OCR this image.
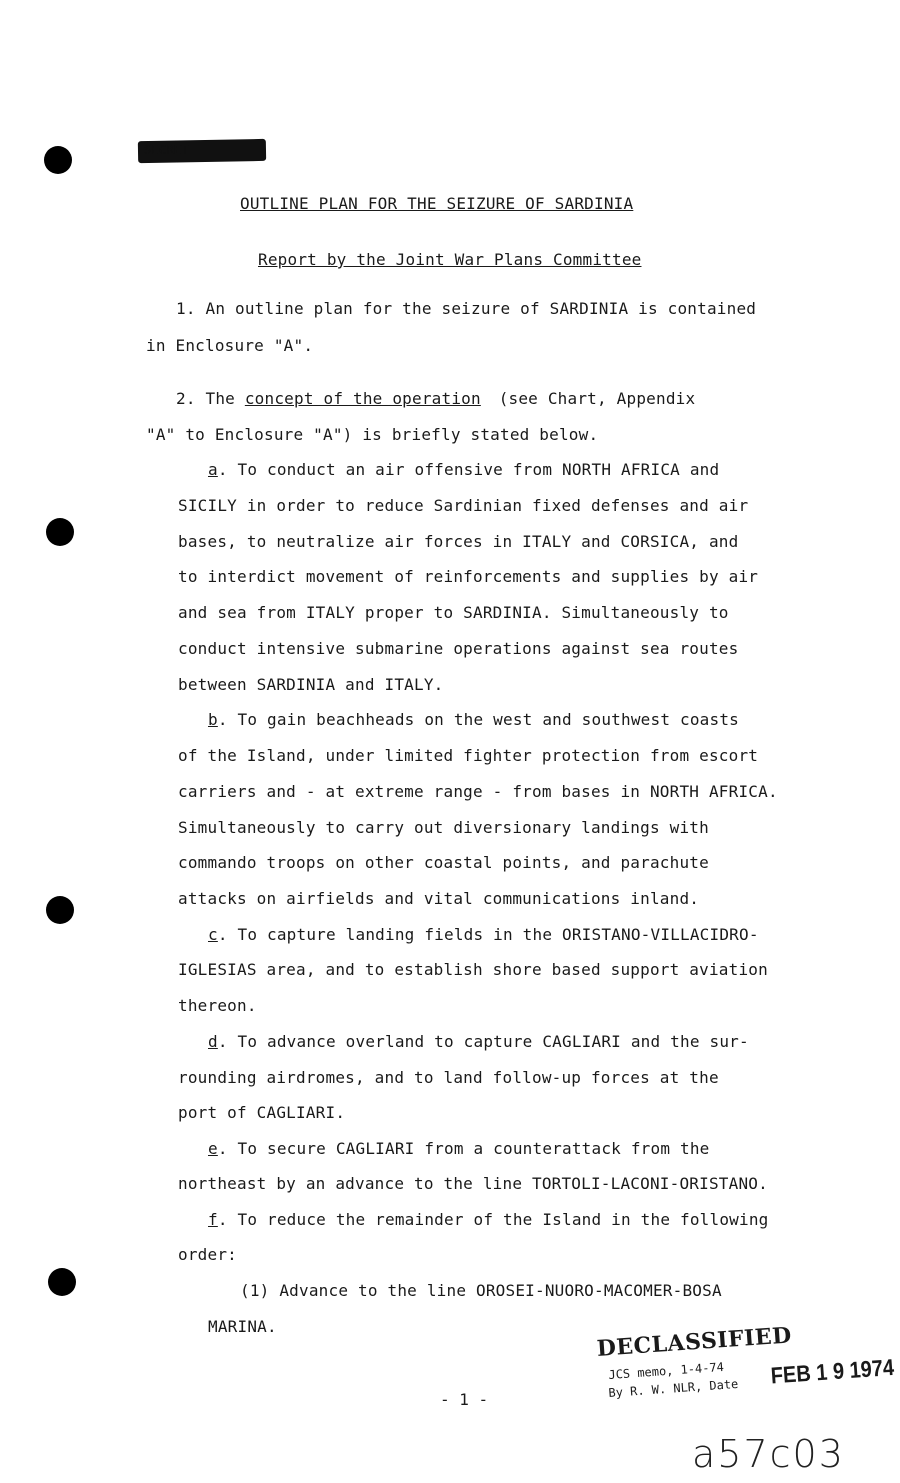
SECRET
OUTLINE PLAN FOR THE SEIZURE OF SARDINIA
Report by the Joint War Plans Committee
1. An outline plan for the seizure of SARDINIA is contained
in Enclosure "A".
2. The concept of the operation (see Chart, Appendix
"A" to Enclosure "A") is briefly stated below.
a. To conduct an air offensive from NORTH AFRICA and
SICILY in order to reduce Sardinian fixed defenses and air
bases, to neutralize air forces in ITALY and CORSICA, and
to interdict movement of reinforcements and supplies by air
and sea from ITALY proper to SARDINIA. Simultaneously to
conduct intensive submarine operations against sea routes
between SARDINIA and ITALY.
b. To gain beachheads on the west and southwest coasts
of the Island, under limited fighter protection from escort
carriers and - at extreme range - from bases in NORTH AFRICA.
Simultaneously to carry out diversionary landings with
commando troops on other coastal points, and parachute
attacks on airfields and vital communications inland.
c. To capture landing fields in the ORISTANO-VILLACIDRO-
IGLESIAS area, and to establish shore based support aviation
thereon.
d. To advance overland to capture CAGLIARI and the sur-
rounding airdromes, and to land follow-up forces at the
port of CAGLIARI.
e. To secure CAGLIARI from a counterattack from the
northeast by an advance to the line TORTOLI-LACONI-ORISTANO.
f. To reduce the remainder of the Island in the following
order:
(1) Advance to the line OROSEI-NUORO-MACOMER-BOSA
MARINA.
- 1 -
DECLASSIFIED
JCS memo, 1-4-74
By R. W. NLR, Date FEB 1 9 1974
a57c03
